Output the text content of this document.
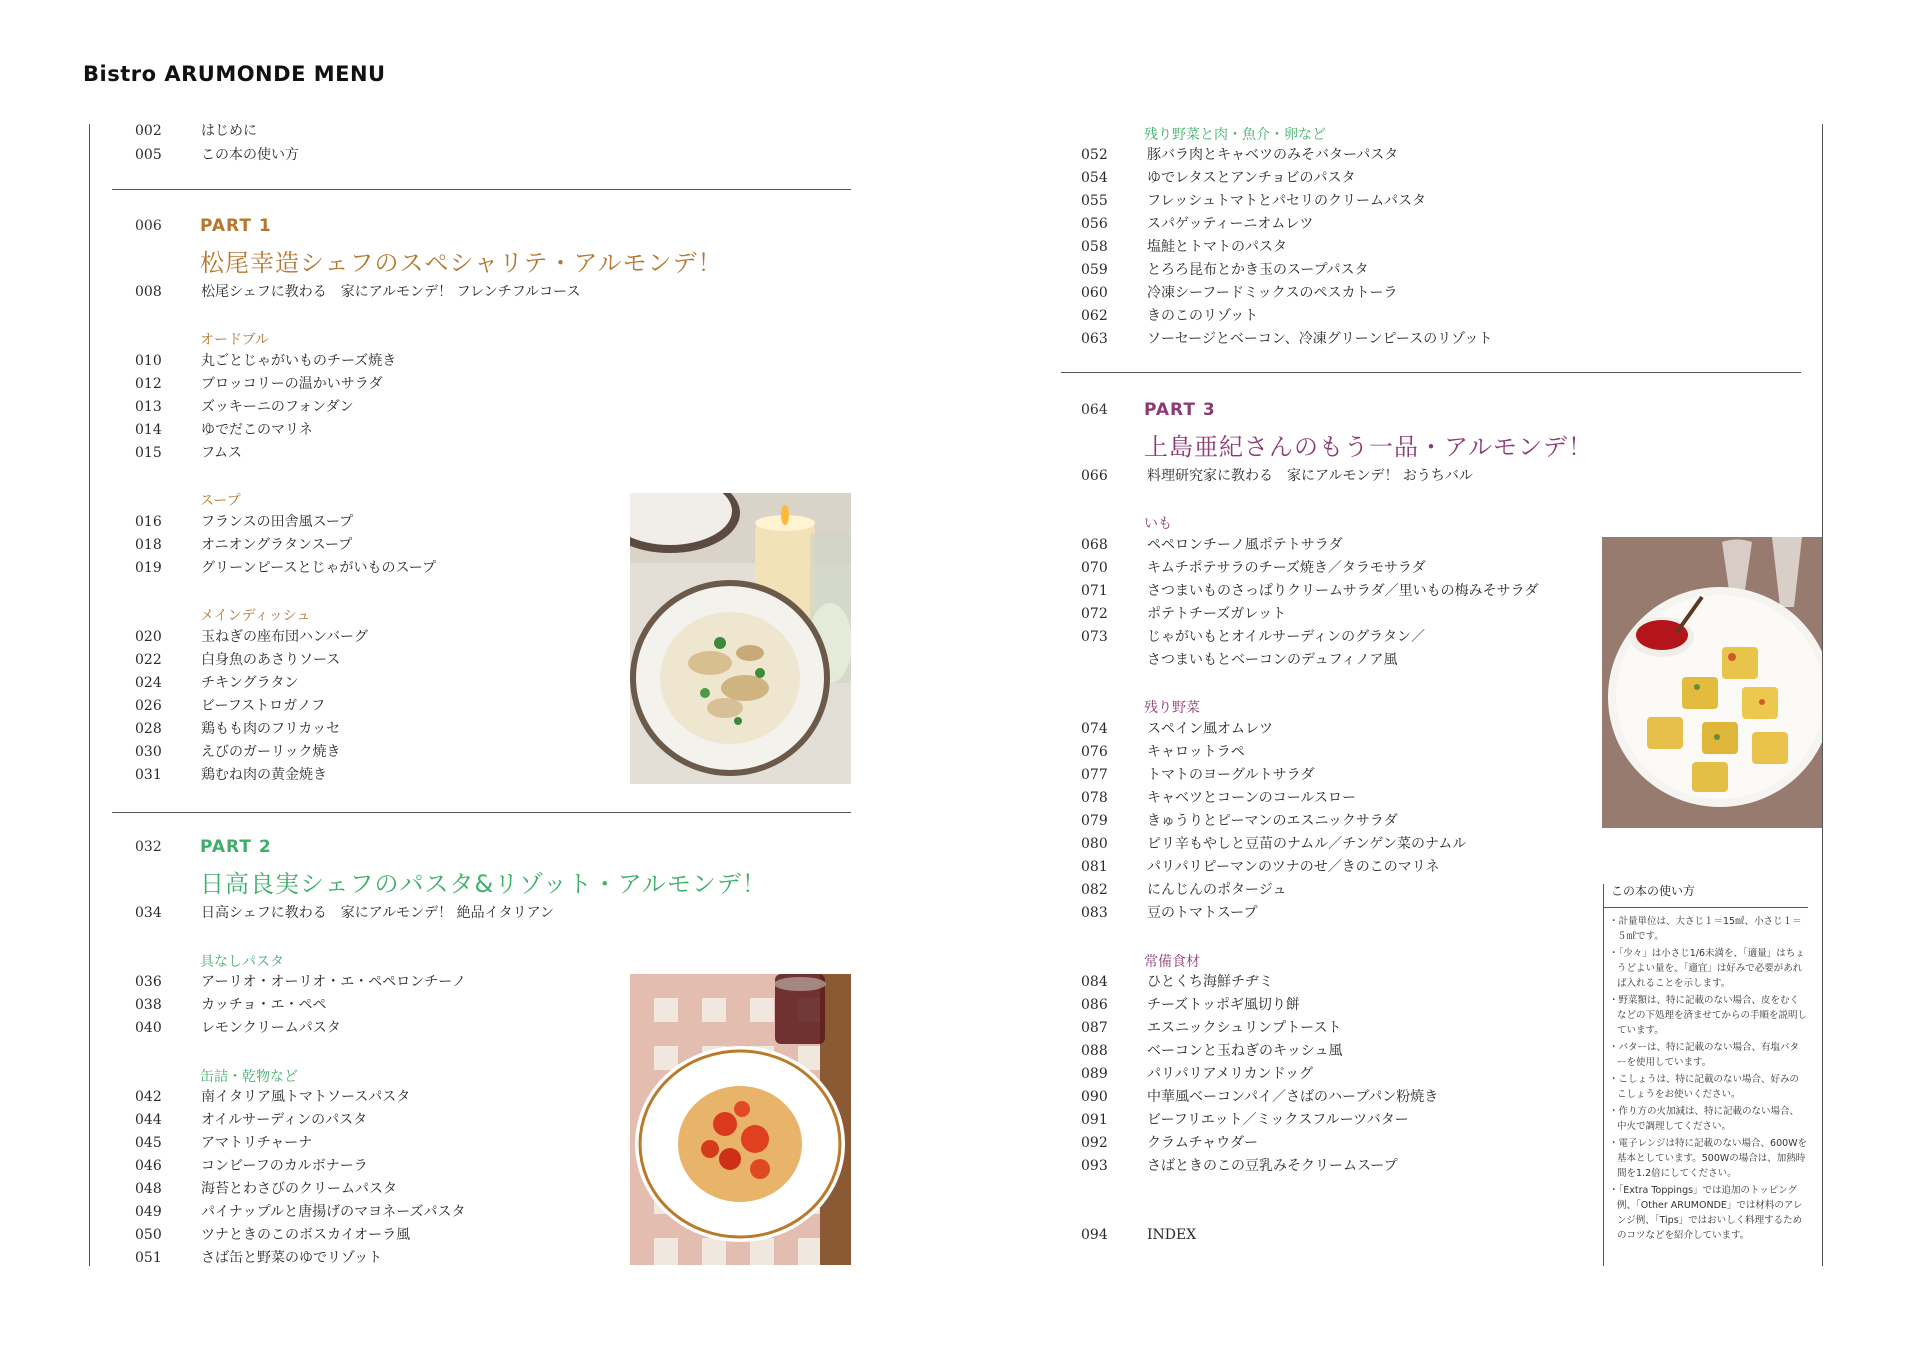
Bistro ARUMONDE MENU
002	はじめに
005	この本の使い方
006	PART 1
松尾幸造シェフのスペシャリテ・アルモンデ！
008	松尾シェフに教わる　家にアルモンデ！ フレンチフルコース
オードブル
010	丸ごとじゃがいものチーズ焼き
012	ブロッコリーの温かいサラダ
013	ズッキーニのフォンダン
014	ゆでだこのマリネ
015	フムス
スープ
016	フランスの田舎風スープ
018	オニオングラタンスープ
019	グリーンピースとじゃがいものスープ
メインディッシュ
020	玉ねぎの座布団ハンバーグ
022	白身魚のあさりソース
024	チキングラタン
026	ビーフストロガノフ
028	鶏もも肉のフリカッセ
030	えびのガーリック焼き
031	鶏むね肉の黄金焼き
032	PART 2
日高良実シェフのパスタ&リゾット・アルモンデ！
034	日高シェフに教わる　家にアルモンデ！ 絶品イタリアン
具なしパスタ
036	アーリオ・オーリオ・エ・ペペロンチーノ
038	カッチョ・エ・ペペ
040	レモンクリームパスタ
缶詰・乾物など
042	南イタリア風トマトソースパスタ
044	オイルサーディンのパスタ
045	アマトリチャーナ
046	コンビーフのカルボナーラ
048	海苔とわさびのクリームパスタ
049	パイナップルと唐揚げのマヨネーズパスタ
050	ツナときのこのボスカイオーラ風
051	さば缶と野菜のゆでリゾット
残り野菜と肉・魚介・卵など
052	豚バラ肉とキャベツのみそバターパスタ
054	ゆでレタスとアンチョビのパスタ
055	フレッシュトマトとパセリのクリームパスタ
056	スパゲッティーニオムレツ
058	塩鮭とトマトのパスタ
059	とろろ昆布とかき玉のスープパスタ
060	冷凍シーフードミックスのペスカトーラ
062	きのこのリゾット
063	ソーセージとベーコン、冷凍グリーンピースのリゾット
064	PART 3
上島亜紀さんのもう一品・アルモンデ！
066	料理研究家に教わる　家にアルモンデ！ おうちバル
いも
068	ペペロンチーノ風ポテトサラダ
070	キムチポテサラのチーズ焼き／タラモサラダ
071	さつまいものさっぱりクリームサラダ／里いもの梅みそサラダ
072	ポテトチーズガレット
073	じゃがいもとオイルサーディンのグラタン／
さつまいもとベーコンのデュフィノア風
残り野菜
074	スペイン風オムレツ
076	キャロットラペ
077	トマトのヨーグルトサラダ
078	キャベツとコーンのコールスロー
079	きゅうりとピーマンのエスニックサラダ
080	ピリ辛もやしと豆苗のナムル／チンゲン菜のナムル
081	パリパリピーマンのツナのせ／きのこのマリネ
082	にんじんのポタージュ
083	豆のトマトスープ
常備食材
084	ひとくち海鮮チヂミ
086	チーズトッポギ風切り餅
087	エスニックシュリンプトースト
088	ベーコンと玉ねぎのキッシュ風
089	パリパリアメリカンドッグ
090	中華風ベーコンパイ／さばのハーブパン粉焼き
091	ビーフリエット／ミックスフルーツバター
092	クラムチャウダー
093	さばときのこの豆乳みそクリームスープ
094	INDEX
この本の使い方
・計量単位は、大さじ１＝15㎖、小さじ１＝５㎖です。
・「少々」は小さじ1/6未満を、「適量」はちょうどよい量を、「適宜」は好みで必要があれば入れることを示します。
・野菜類は、特に記載のない場合、皮をむくなどの下処理を済ませてからの手順を説明しています。
・バターは、特に記載のない場合、有塩バターを使用しています。
・こしょうは、特に記載のない場合、好みのこしょうをお使いください。
・作り方の火加減は、特に記載のない場合、中火で調理してください。
・電子レンジは特に記載のない場合、600Wを基本としています。500Wの場合は、加熱時間を1.2倍にしてください。
・「Extra Toppings」では追加のトッピング例、「Other ARUMONDE」では材料のアレンジ例、「Tips」ではおいしく料理するためのコツなどを紹介しています。
